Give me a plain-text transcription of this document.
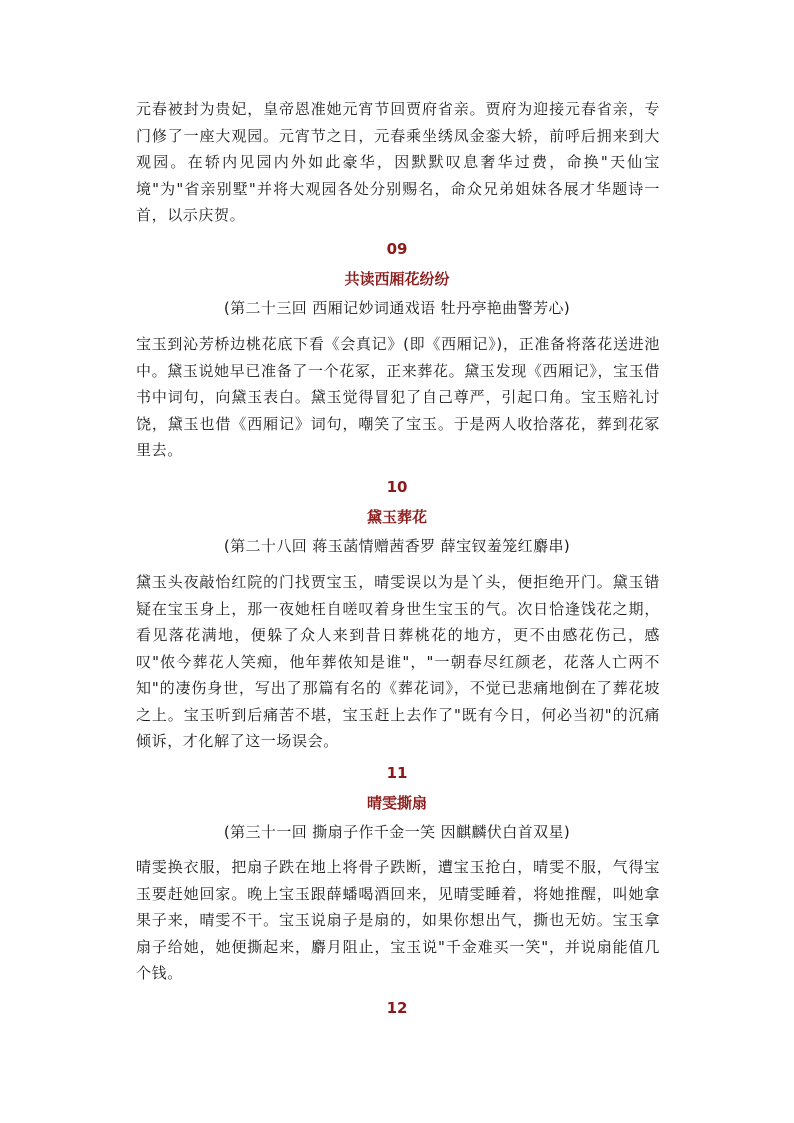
元春被封为贵妃，皇帝恩准她元宵节回贾府省亲。贾府为迎接元春省亲，专门修了一座大观园。元宵节之日，元春乘坐绣凤金銮大轿，前呼后拥来到大观园。在轿内见园内外如此豪华，因默默叹息奢华过费，命换"天仙宝境"为"省亲别墅"并将大观园各处分别赐名，命众兄弟姐妹各展才华题诗一首，以示庆贺。

09
共读西厢花纷纷
(第二十三回 西厢记妙词通戏语 牡丹亭艳曲警芳心)

宝玉到沁芳桥边桃花底下看《会真记》(即《西厢记》)，正准备将落花送进池中。黛玉说她早已准备了一个花冢，正来葬花。黛玉发现《西厢记》，宝玉借书中词句，向黛玉表白。黛玉觉得冒犯了自己尊严，引起口角。宝玉赔礼讨饶，黛玉也借《西厢记》词句，嘲笑了宝玉。于是两人收拾落花，葬到花冢里去。

10
黛玉葬花
(第二十八回 蒋玉菡情赠茜香罗 薛宝钗羞笼红麝串)

黛玉头夜敲怡红院的门找贾宝玉，晴雯误以为是丫头，便拒绝开门。黛玉错疑在宝玉身上，那一夜她枉自嗟叹着身世生宝玉的气。次日恰逢饯花之期，看见落花满地，便躲了众人来到昔日葬桃花的地方，更不由感花伤己，感叹"侬今葬花人笑痴，他年葬侬知是谁"，"一朝春尽红颜老，花落人亡两不知"的凄伤身世，写出了那篇有名的《葬花词》，不觉已悲痛地倒在了葬花坡之上。宝玉听到后痛苦不堪，宝玉赶上去作了"既有今日，何必当初"的沉痛倾诉，才化解了这一场误会。

11
晴雯撕扇
(第三十一回 撕扇子作千金一笑 因麒麟伏白首双星)

晴雯换衣服，把扇子跌在地上将骨子跌断，遭宝玉抢白，晴雯不服，气得宝玉要赶她回家。晚上宝玉跟薛蟠喝酒回来，见晴雯睡着，将她推醒，叫她拿果子来，晴雯不干。宝玉说扇子是扇的，如果你想出气，撕也无妨。宝玉拿扇子给她，她便撕起来，麝月阻止，宝玉说"千金难买一笑"，并说扇能值几个钱。

12
